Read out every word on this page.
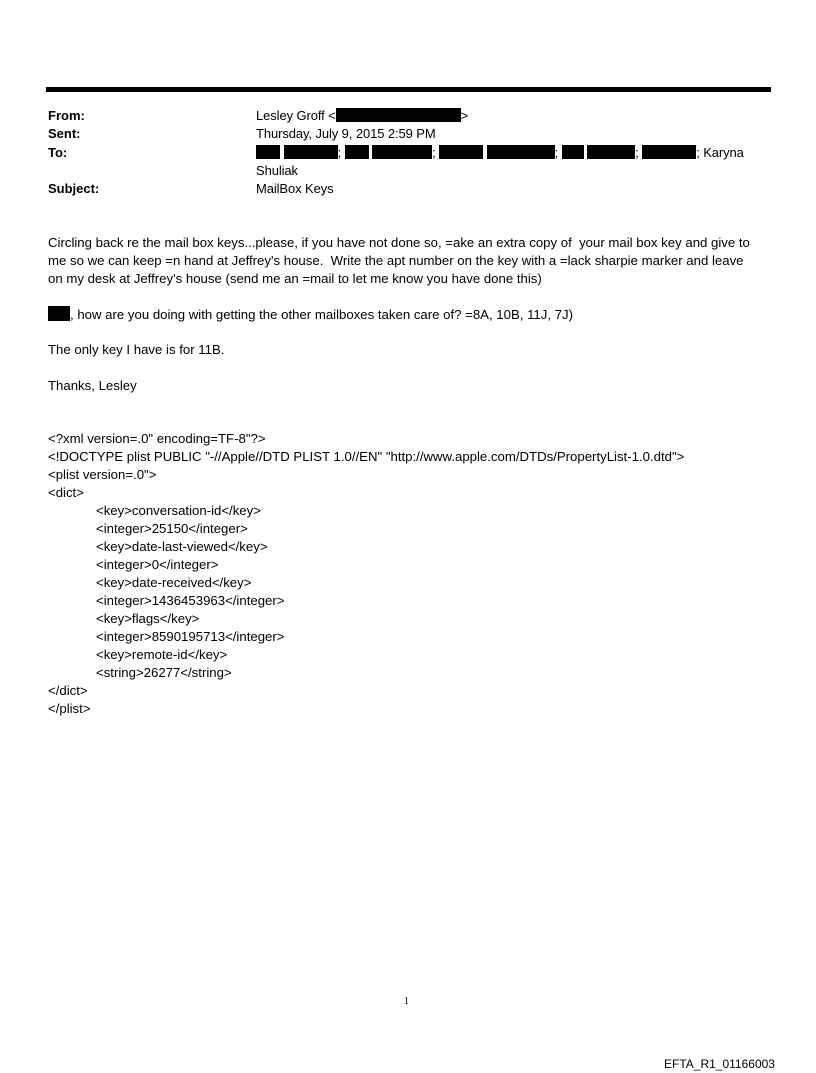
From:	Lesley Groff <	>
Sent:	Thursday, July 9, 2015 2:59 PM
To:	;	;	;	;	; Karyna
Shuliak
Subject:	MailBox Keys
Circling back re the mail box keys...please, if you have not done so, =ake an extra copy of  your mail box key and give to
me so we can keep =n hand at Jeffrey's house.  Write the apt number on the key with a =lack sharpie marker and leave
on my desk at Jeffrey's house (send me an =mail to let me know you have done this)
, how are you doing with getting the other mailboxes taken care of? =8A, 10B, 11J, 7J)
The only key I have is for 11B.
Thanks, Lesley
<?xml version=.0" encoding=TF-8"?>
<!DOCTYPE plist PUBLIC "-//Apple//DTD PLIST 1.0//EN" "http://www.apple.com/DTDs/PropertyList-1.0.dtd">
<plist version=.0">
<dict>
<key>conversation-id</key>
<integer>25150</integer>
<key>date-last-viewed</key>
<integer>0</integer>
<key>date-received</key>
<integer>1436453963</integer>
<key>flags</key>
<integer>8590195713</integer>
<key>remote-id</key>
<string>26277</string>
</dict>
</plist>
1
EFTA_R1_01166003
